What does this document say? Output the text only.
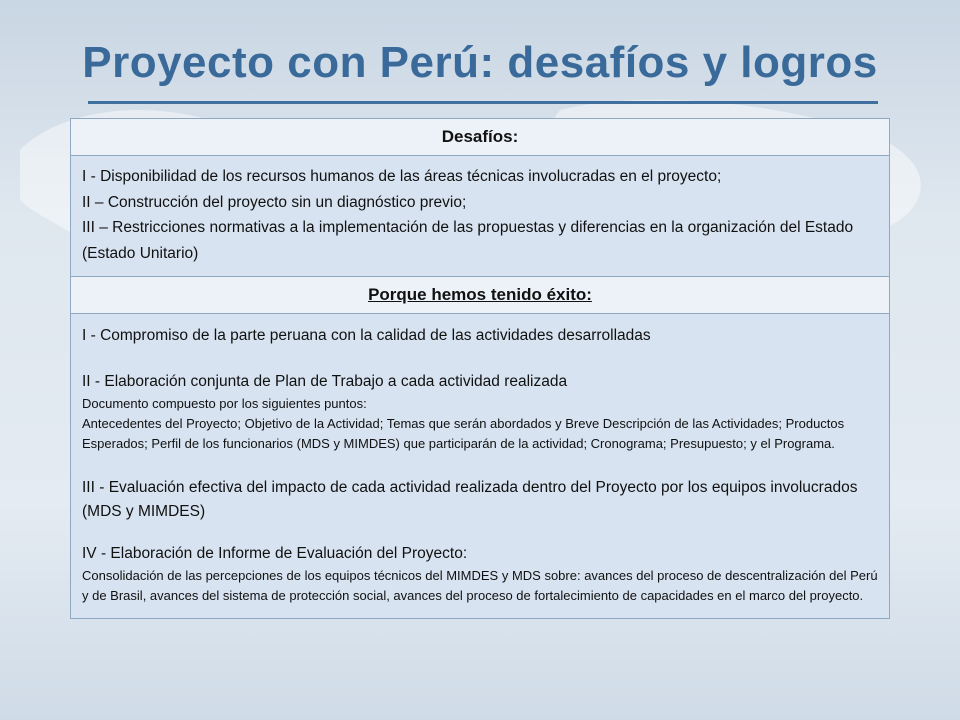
Proyecto con Perú: desafíos y logros
Desafíos:

I - Disponibilidad de los recursos humanos de las áreas técnicas involucradas en el proyecto;

II – Construcción del proyecto sin un diagnóstico previo;

III – Restricciones normativas a la implementación de las propuestas y diferencias en la organización del Estado (Estado Unitario)

Porque hemos tenido éxito:

I - Compromiso de la parte peruana con la calidad de las actividades desarrolladas

II - Elaboración conjunta de Plan de Trabajo a cada actividad realizada

Documento compuesto por los siguientes puntos:

Antecedentes del Proyecto; Objetivo de la Actividad; Temas que serán abordados y Breve Descripción de las Actividades; Productos Esperados; Perfil de los funcionarios (MDS y MIMDES) que participarán de la actividad; Cronograma; Presupuesto; y el Programa.

III - Evaluación efectiva del impacto de cada actividad realizada dentro del Proyecto por los equipos involucrados (MDS y MIMDES)

IV - Elaboración de Informe de Evaluación del Proyecto:

Consolidación de las percepciones de los equipos técnicos del MIMDES y MDS sobre: avances del proceso de descentralización del Perú y de Brasil, avances del sistema de protección social, avances del proceso de fortalecimiento de capacidades en el marco del proyecto.
